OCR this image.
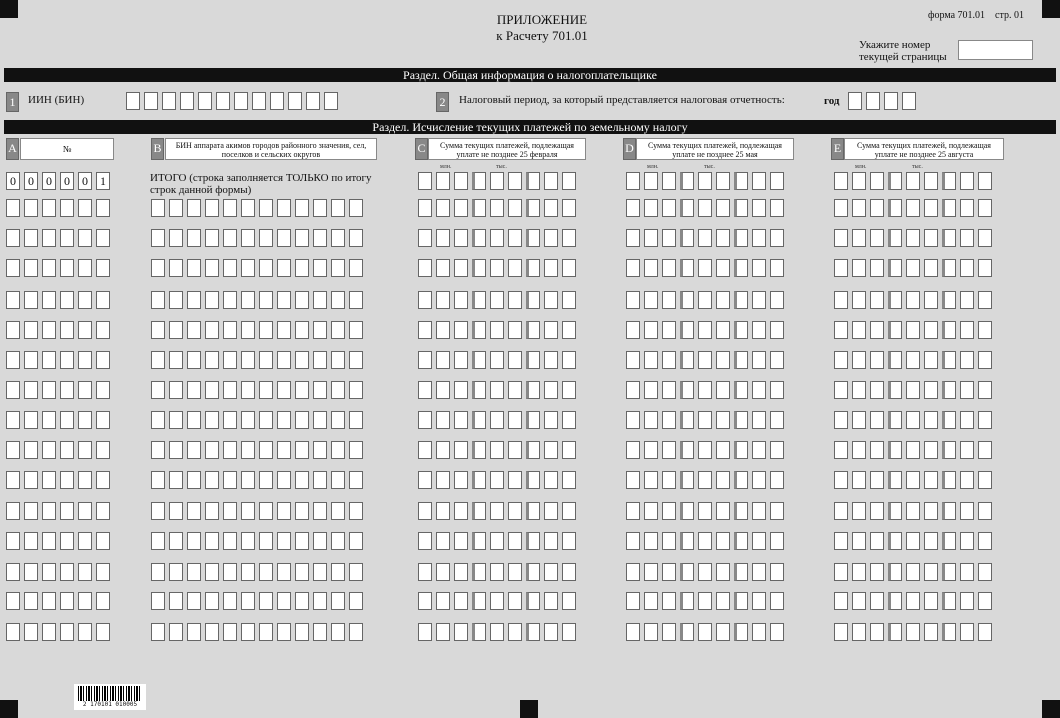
ПРИЛОЖЕНИЕ
к Расчету 701.01
форма 701.01    стр. 01
Укажите номер
текущей страницы
Раздел. Общая информация о налогоплательщике
1	ИИН (БИН)	2	Налоговый период, за который представляется налоговая отчетность:	год
Раздел. Исчисление текущих платежей по земельному налогу
A	№	B	БИН аппарата акимов городов районного значения, сел, поселков и сельских округов	C	Сумма текущих платежей, подлежащая уплате не позднее 25 февраля	D	Сумма текущих платежей, подлежащая уплате не позднее 25 мая	E	Сумма текущих платежей, подлежащая уплате не позднее 25 августа
млн.	тыс.	млн.	тыс.	млн.	тыс.
ИТОГО (строка заполняется ТОЛЬКО по итогу строк данной формы)
0	0	0	0	0	1
2 170101 010005
